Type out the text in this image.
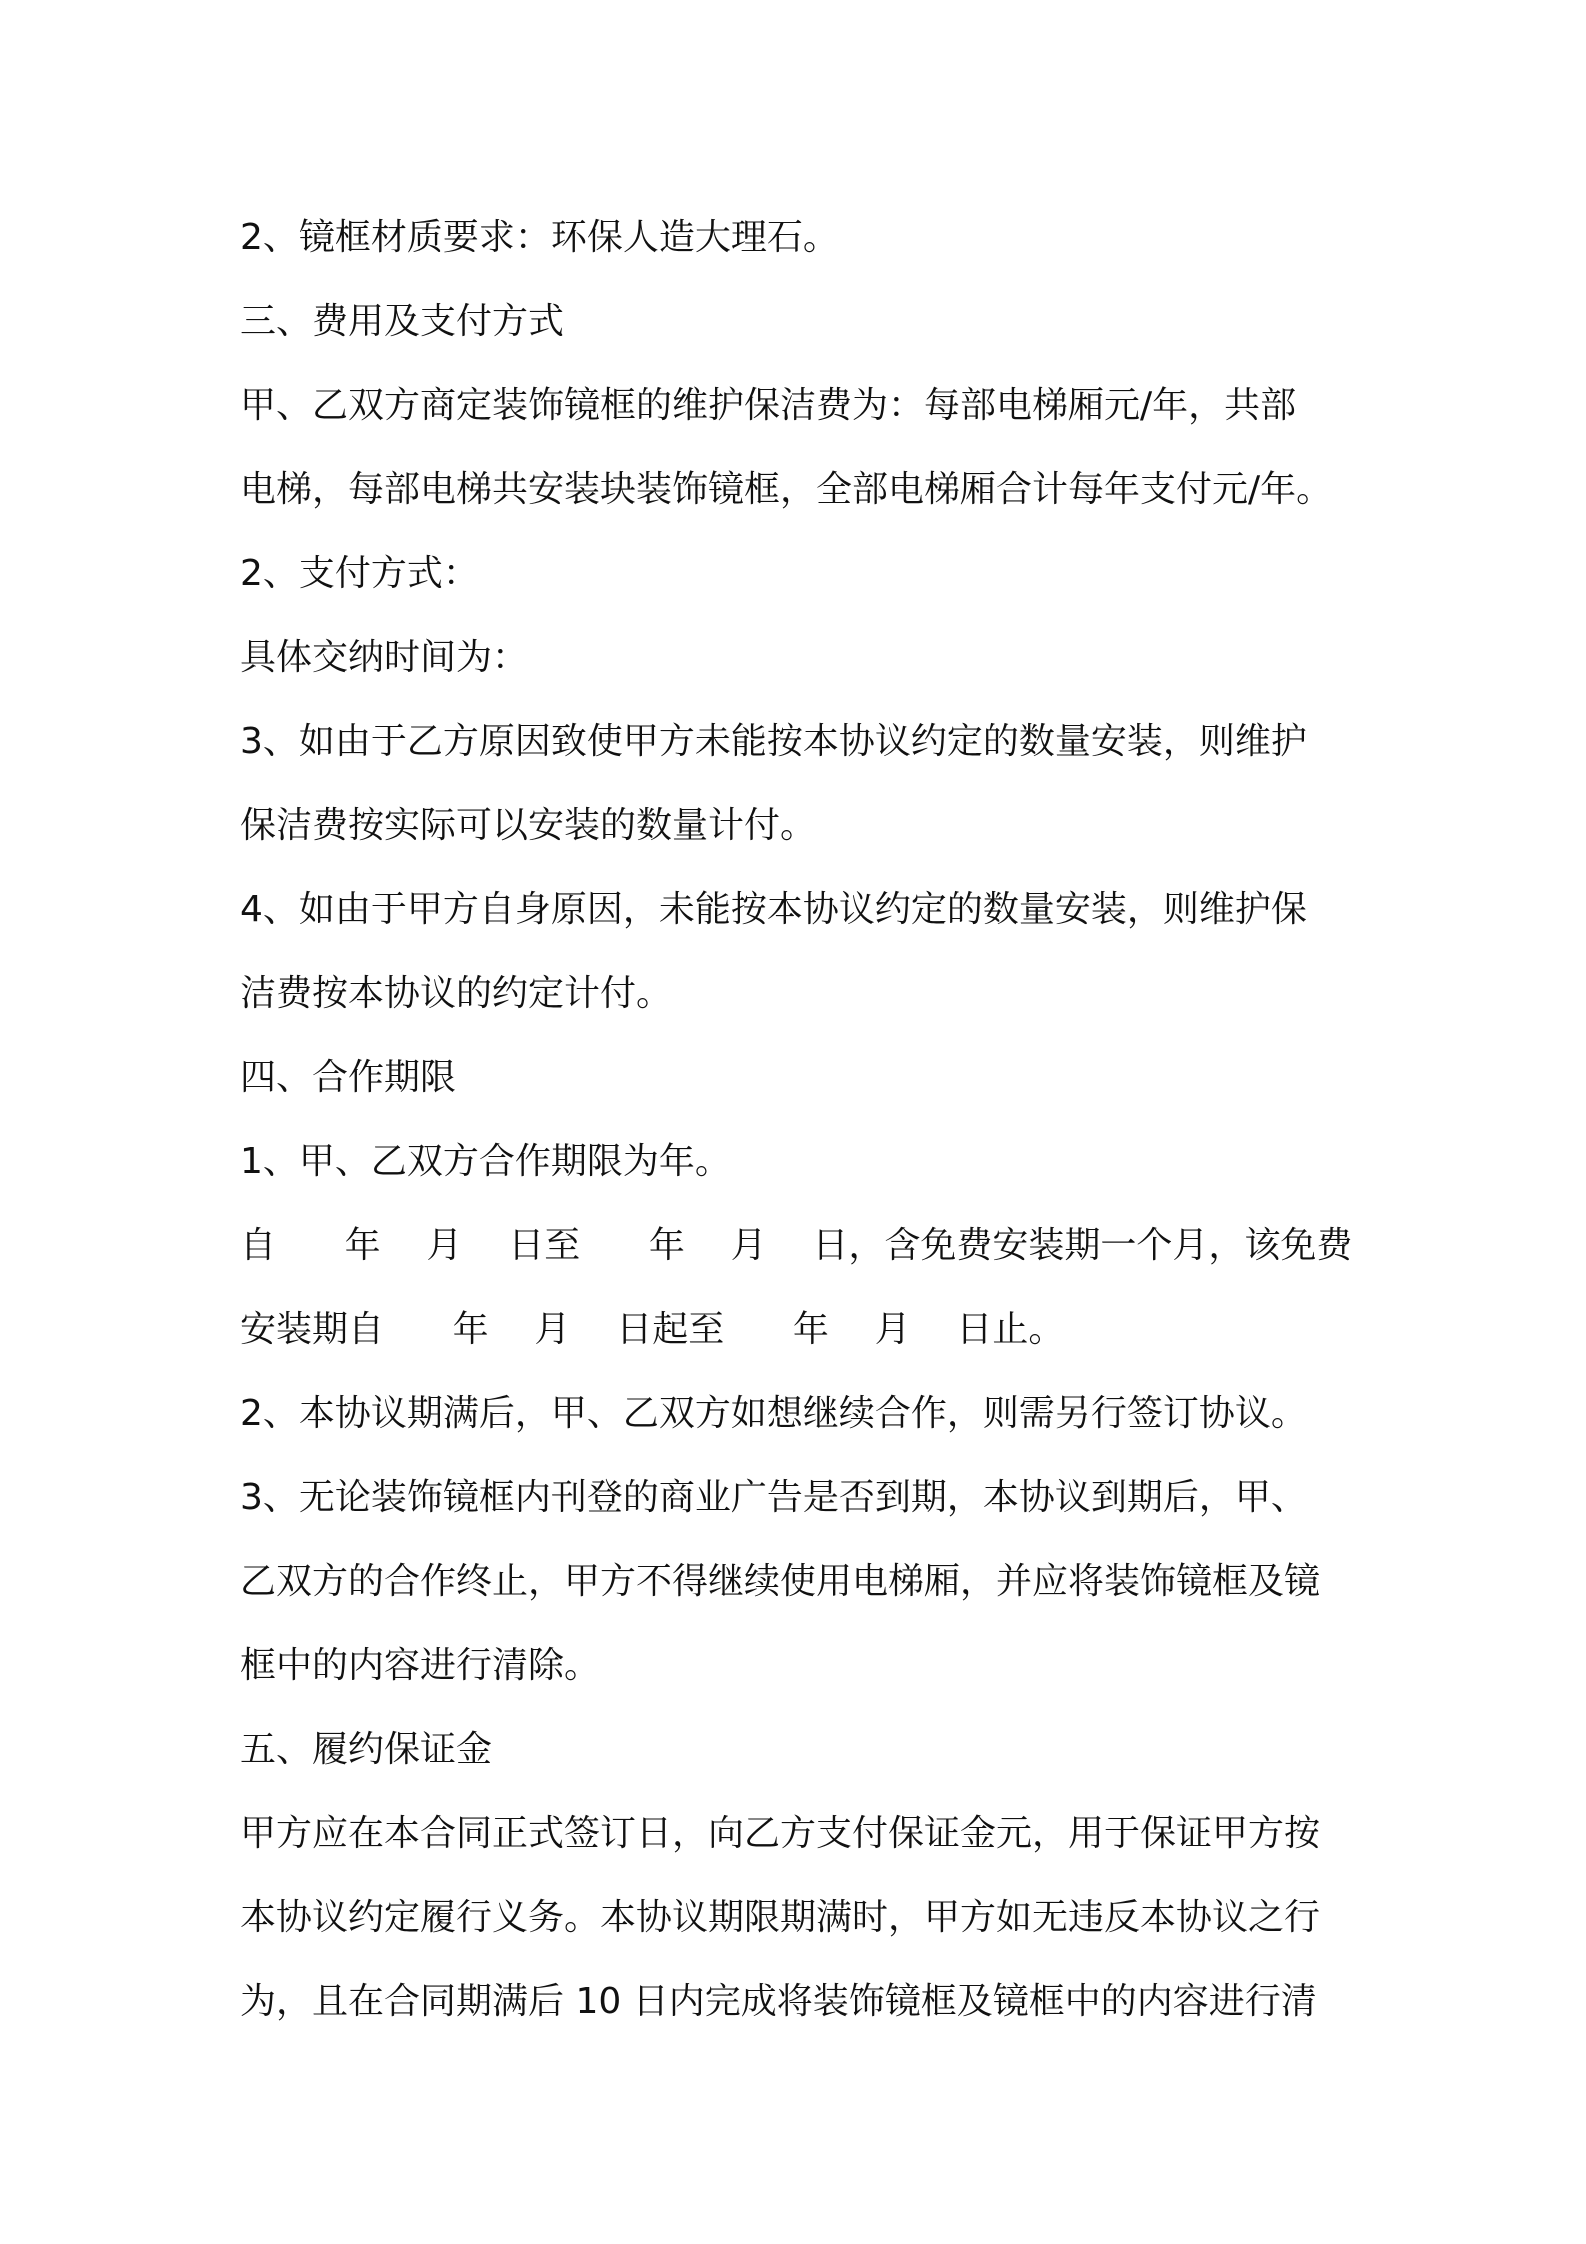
2、镜框材质要求：环保人造大理石。

三、费用及支付方式

甲、乙双方商定装饰镜框的维护保洁费为：每部电梯厢元/年，共部

电梯，每部电梯共安装块装饰镜框，全部电梯厢合计每年支付元/年。

2、支付方式：

具体交纳时间为：

3、如由于乙方原因致使甲方未能按本协议约定的数量安装，则维护

保洁费按实际可以安装的数量计付。

4、如由于甲方自身原因，未能按本协议约定的数量安装，则维护保

洁费按本协议的约定计付。

四、合作期限

1、甲、乙双方合作期限为年。

自      年    月    日至      年    月    日，含免费安装期一个月，该免费

安装期自      年    月    日起至      年    月    日止。

2、本协议期满后，甲、乙双方如想继续合作，则需另行签订协议。

3、无论装饰镜框内刊登的商业广告是否到期，本协议到期后，甲、

乙双方的合作终止，甲方不得继续使用电梯厢，并应将装饰镜框及镜

框中的内容进行清除。

五、履约保证金

甲方应在本合同正式签订日，向乙方支付保证金元，用于保证甲方按

本协议约定履行义务。本协议期限期满时，甲方如无违反本协议之行

为，且在合同期满后 10 日内完成将装饰镜框及镜框中的内容进行清
